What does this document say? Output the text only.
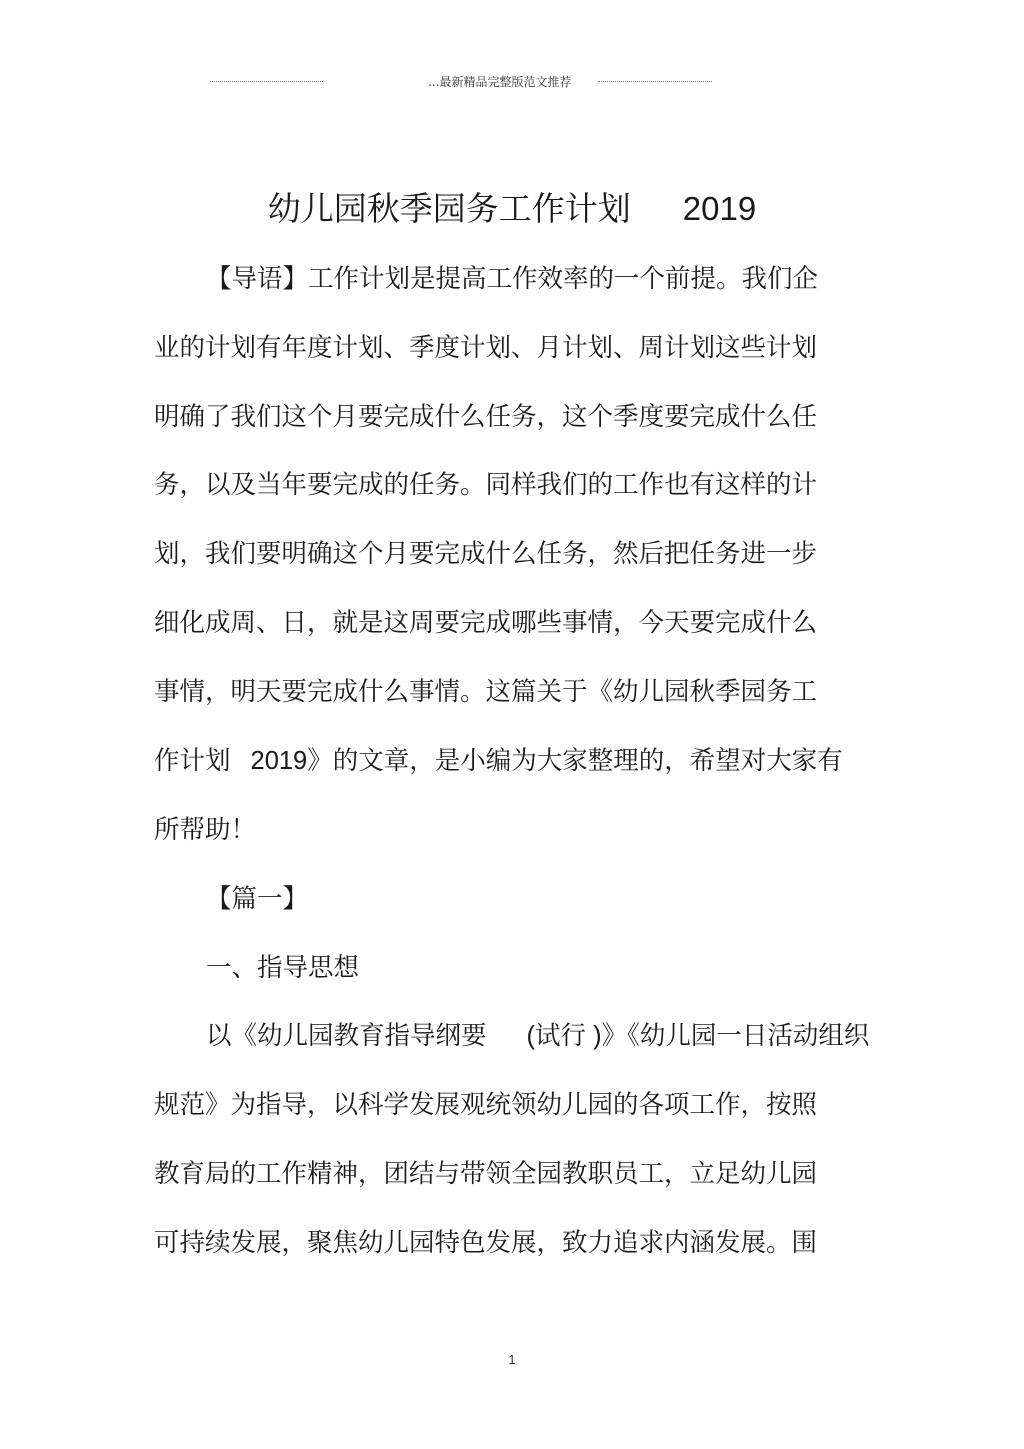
...最新精品完整版范文推荐
幼儿园秋季园务工作计划 2019
【导语】工作计划是提高工作效率的一个前提。我们企
业的计划有年度计划、季度计划、月计划、周计划这些计划
明确了我们这个月要完成什么任务，这个季度要完成什么任
务，以及当年要完成的任务。同样我们的工作也有这样的计
划，我们要明确这个月要完成什么任务，然后把任务进一步
细化成周、日，就是这周要完成哪些事情，今天要完成什么
事情，明天要完成什么事情。这篇关于《幼儿园秋季园务工
作计划 2019》的文章，是小编为大家整理的，希望对大家有
所帮助！
【篇一】
一、指导思想
以《幼儿园教育指导纲要 (试行 )》《幼儿园一日活动组织
规范》为指导，以科学发展观统领幼儿园的各项工作，按照
教育局的工作精神，团结与带领全园教职员工，立足幼儿园
可持续发展，聚焦幼儿园特色发展，致力追求内涵发展。围
1
